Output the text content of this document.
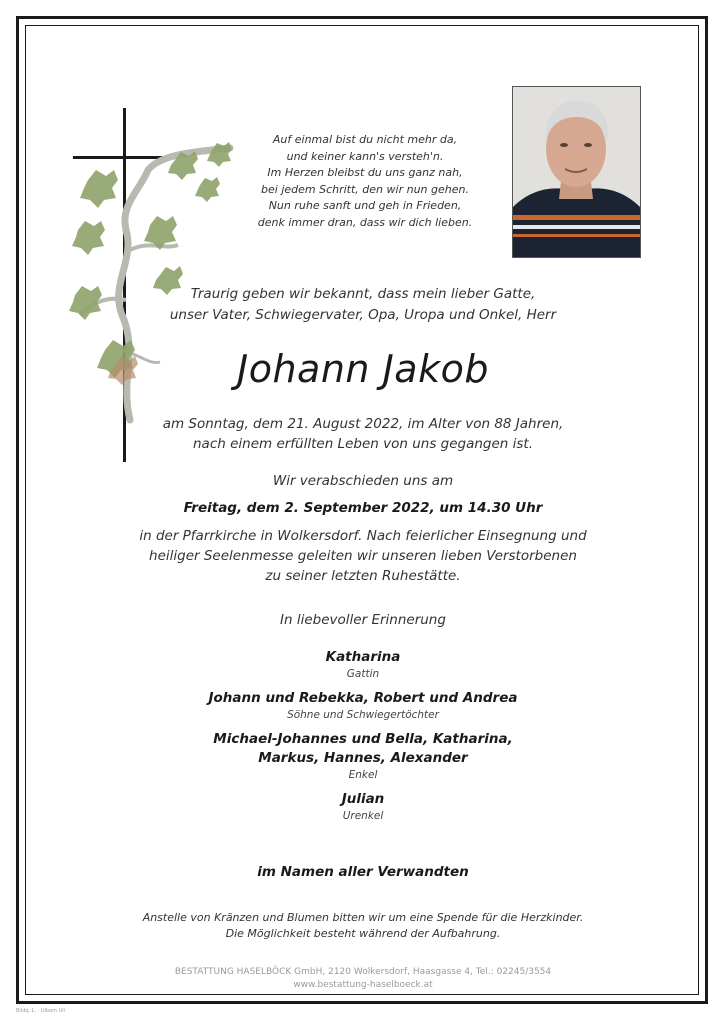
Auf einmal bist du nicht mehr da,
und keiner kann's versteh'n.
Im Herzen bleibst du uns ganz nah,
bei jedem Schritt, den wir nun gehen.
Nun ruhe sanft und geh in Frieden,
denk immer dran, dass wir dich lieben.
Traurig geben wir bekannt, dass mein lieber Gatte,
unser Vater, Schwiegervater, Opa, Uropa und Onkel, Herr
Johann Jakob
am Sonntag, dem 21. August 2022, im Alter von 88 Jahren,
nach einem erfüllten Leben von uns gegangen ist.
Wir verabschieden uns am
Freitag, dem 2. September 2022, um 14.30 Uhr
in der Pfarrkirche in Wolkersdorf. Nach feierlicher Einsegnung und
heiliger Seelenmesse geleiten wir unseren lieben Verstorbenen
zu seiner letzten Ruhestätte.
In liebevoller Erinnerung
Katharina
Gattin
Johann und Rebekka, Robert und Andrea
Söhne und Schwiegertöchter
Michael-Johannes und Bella, Katharina,
Markus, Hannes, Alexander
Enkel
Julian
Urenkel
im Namen aller Verwandten
Anstelle von Kränzen und Blumen bitten wir um eine Spende für die Herzkinder.
Die Möglichkeit besteht während der Aufbahrung.
BESTATTUNG HASELBÖCK GmbH, 2120 Wolkersdorf, Haasgasse 4, Tel.: 02245/3554
www.bestattung-haselboeck.at
Bildq. L. · Ulbom Uli
